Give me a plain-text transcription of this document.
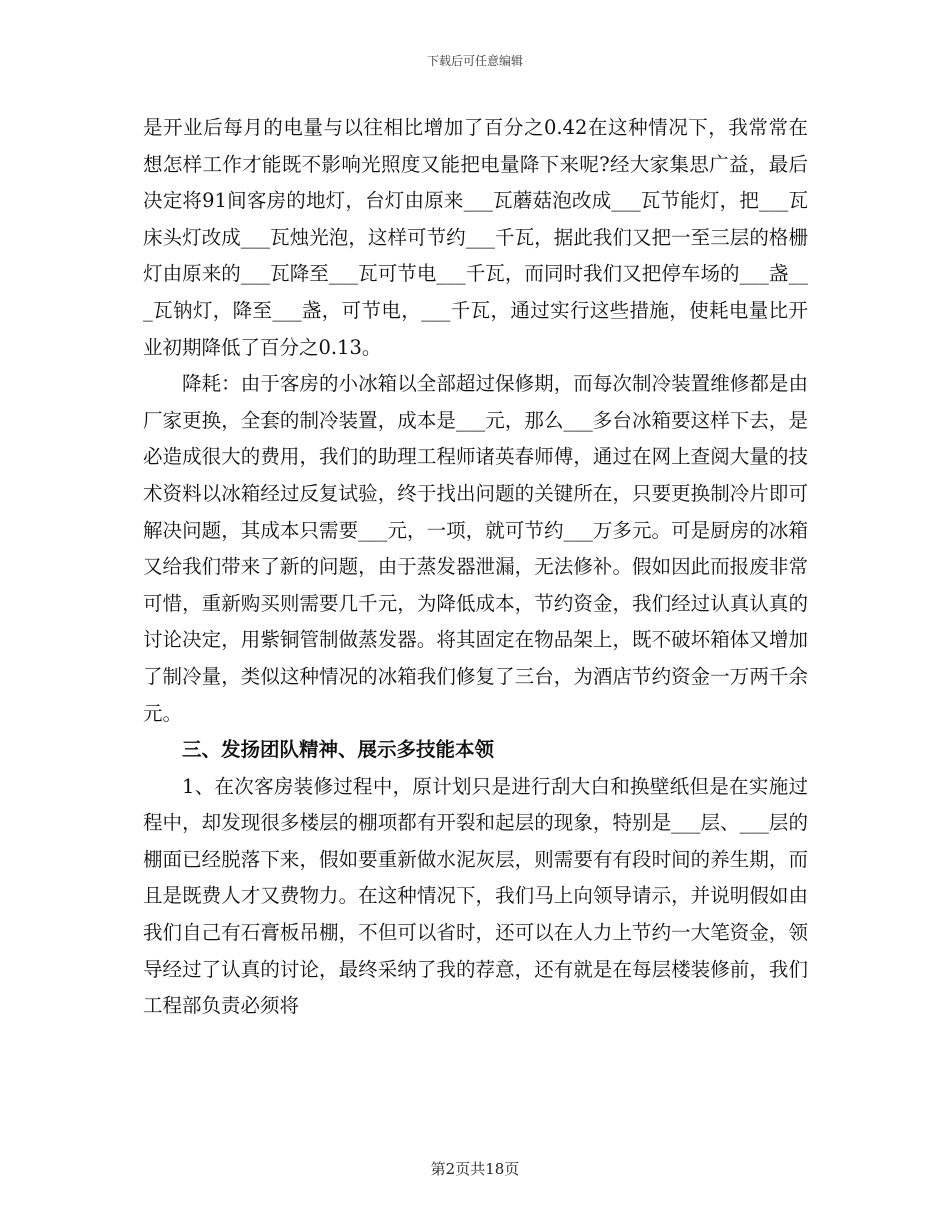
下载后可任意编辑

是开业后每月的电量与以往相比增加了百分之0.42在这种情况下，我常常在想怎样工作才能既不影响光照度又能把电量降下来呢?经大家集思广益，最后决定将91间客房的地灯，台灯由原来___瓦蘑菇泡改成___瓦节能灯，把___瓦床头灯改成___瓦烛光泡，这样可节约___千瓦，据此我们又把一至三层的格栅灯由原来的___瓦降至___瓦可节电___千瓦，而同时我们又把停车场的___盏___瓦钠灯，降至___盏，可节电，___千瓦，通过实行这些措施，使耗电量比开业初期降低了百分之0.13。

降耗：由于客房的小冰箱以全部超过保修期，而每次制冷装置维修都是由厂家更换，全套的制冷装置，成本是___元，那么___多台冰箱要这样下去，是必造成很大的费用，我们的助理工程师诸英春师傅，通过在网上查阅大量的技术资料以冰箱经过反复试验，终于找出问题的关键所在，只要更换制冷片即可解决问题，其成本只需要___元，一项，就可节约___万多元。可是厨房的冰箱又给我们带来了新的问题，由于蒸发器泄漏，无法修补。假如因此而报废非常可惜，重新购买则需要几千元，为降低成本，节约资金，我们经过认真认真的讨论决定，用紫铜管制做蒸发器。将其固定在物品架上，既不破坏箱体又增加了制冷量，类似这种情况的冰箱我们修复了三台，为酒店节约资金一万两千余元。

三、发扬团队精神、展示多技能本领

1、在次客房装修过程中，原计划只是进行刮大白和换壁纸但是在实施过程中，却发现很多楼层的棚项都有开裂和起层的现象，特别是___层、___层的棚面已经脱落下来，假如要重新做水泥灰层，则需要有有段时间的养生期，而且是既费人才又费物力。在这种情况下，我们马上向领导请示，并说明假如由我们自己有石膏板吊棚，不但可以省时，还可以在人力上节约一大笔资金，领导经过了认真的讨论，最终采纳了我的荐意，还有就是在每层楼装修前，我们工程部负责必须将

第2页共18页
